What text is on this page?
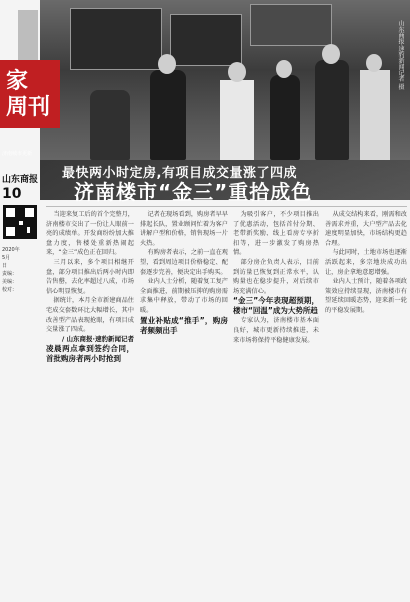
山东商报·速豹新闻记者 摄
最快两小时定房,有项目成交量涨了四成
济南楼市“金三”重拾成色
家
周刊
济南城市更新
山东商报
10
2020年
5月
日
责编：
美编：
校对：

当迎来复工后的首个完整月，济南楼市交出了一份让人眼前一亮的成绩单。开发商纷纷加大推盘力度，售楼处重新热闹起来，“金三”成色正在回归。

三月以来，多个项目相继开盘，部分项目推出后两小时内即告售罄，去化率超过八成，市场信心明显恢复。

据统计，本月全市新建商品住宅成交套数环比大幅增长，其中改善型产品表现抢眼，有项目成交量涨了四成。

/ 山东商报·速豹新闻记者

凌晨两点拿到签约合同，首批购房者两小时抢到

记者在现场看到，购房者早早排起长队，置业顾问忙着为客户讲解户型和价格，销售现场一片火热。

有购房者表示，之前一直在观望，看到周边项目价格稳定、配套逐步完善，便决定出手购买。

业内人士分析，随着复工复产全面推进，前期被压抑的购房需求集中释放，带动了市场的回暖。

置业补贴成“推手”，购房者频频出手

为吸引客户，不少项目推出了优惠活动，包括首付分期、老带新奖励、线上看房专享折扣等，进一步激发了购房热情。

部分房企负责人表示，目前到访量已恢复到正常水平，认购量也在稳步提升，对后续市场充满信心。

“金三”今年表现超预期，楼市“回温”成为大势所趋

专家认为，济南楼市基本面良好，城市更新持续推进，未来市场将保持平稳健康发展。

从成交结构来看，刚需和改善需求并重，大户型产品去化速度明显加快，市场结构更趋合理。

与此同时，土地市场也逐渐活跃起来，多宗地块成功出让，房企拿地意愿增强。

业内人士预计，随着各项政策效应持续显现，济南楼市有望延续回暖态势，迎来新一轮的平稳发展期。
